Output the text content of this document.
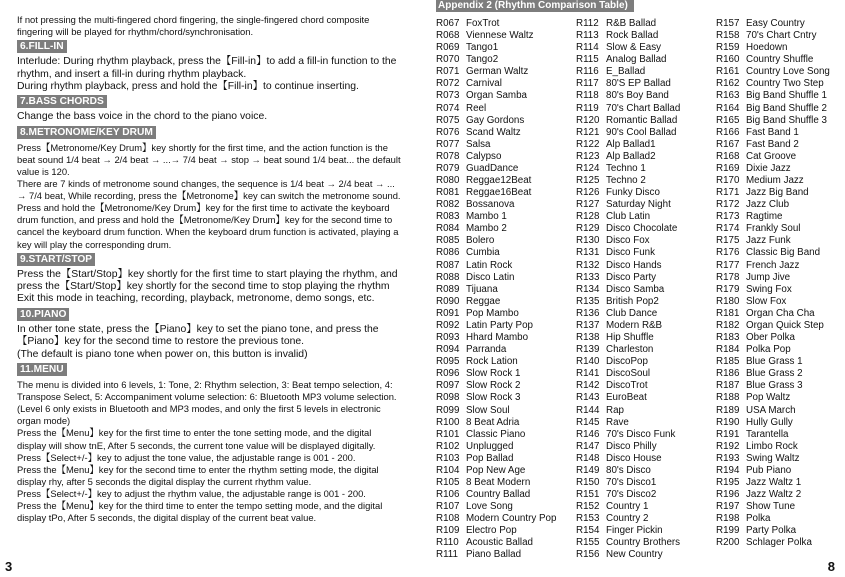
If not pressing the multi-fingered chord fingering, the single-fingered chord composite fingering will be played for rhythm/chord/synchronisation.

6.FILL-IN

Interlude: During rhythm playback, press the【Fill-in】to add a fill-in function to the rhythm, and insert a fill-in during rhythm playback.

During rhythm playback, press and hold the【Fill-in】to continue inserting.

7.BASS CHORDS

Change the bass voice in the chord to the piano voice.

8.METRONOME/KEY DRUM

Press【Metronome/Key Drum】key shortly for the first time, and the action function is the beat sound 1/4 beat → 2/4 beat → ...→ 7/4 beat → stop → beat sound 1/4 beat... the default value is 120.

There are 7 kinds of metronome sound changes, the sequence is 1/4 beat → 2/4 beat → ... → 7/4 beat, While recording, press the【Metronome】key can switch the metronome sound. Press and hold the【Metronome/Key Drum】key for the first time to activate the keyboard drum function, and press and hold the【Metronome/Key Drum】key for the second time to cancel the keyboard drum function. When the keyboard drum function is activated, playing a key will play the corresponding drum.

9.START/STOP

Press the【Start/Stop】key shortly for the first time to start playing the rhythm, and press the【Start/Stop】key shortly for the second time to stop playing the rhythm Exit this mode in teaching, recording, playback, metronome, demo songs, etc.

10.PIANO

In other tone state, press the【Piano】key to set the piano tone, and press the【Piano】key for the second time to restore the previous tone.

(The default is piano tone when power on, this button is invalid)

11.MENU

The menu is divided into 6 levels, 1: Tone, 2: Rhythm selection, 3: Beat tempo selection, 4: Transpose Select, 5: Accompaniment volume selection: 6: Bluetooth MP3 volume selection.

(Level 6 only exists in Bluetooth and MP3 modes, and only the first 5 levels in electronic organ mode)

Press the【Menu】key for the first time to enter the tone setting mode, and the digital display will show tnE, After 5 seconds, the current tone value will be displayed digitally.

Press【Select+/-】key to adjust the tone value, the adjustable range is 001 - 200.

Press the【Menu】key for the second time to enter the rhythm setting mode, the digital display rhy, after 5 seconds the digital display the current rhythm value.

Press【Select+/-】key to adjust the rhythm value, the adjustable range is 001 - 200.

Press the【Menu】key for the third time to enter the tempo setting mode, and the digital display tPo, After 5 seconds, the digital display of the current beat value.

3
Appendix 2 (Rhythm Comparison Table)
R067 FoxTrot
R068 Viennese Waltz
R069 Tango1
R070 Tango2
R071 German Waltz
R072 Carnival
R073 Organ Samba
R074 Reel
R075 Gay Gordons
R076 Scand Waltz
R077 Salsa
R078 Calypso
R079 GuadDance
R080 Reggae12Beat
R081 Reggae16Beat
R082 Bossanova
R083 Mambo 1
R084 Mambo 2
R085 Bolero
R086 Cumbia
R087 Latin Rock
R088 Disco Latin
R089 Tijuana
R090 Reggae
R091 Pop Mambo
R092 Latin Party Pop
R093 Hhard Mambo
R094 Parranda
R095 Rock Lation
R096 Slow Rock 1
R097 Slow Rock 2
R098 Slow Rock 3
R099 Slow Soul
R100 8 Beat Adria
R101 Classic Piano
R102 Unplugged
R103 Pop Ballad
R104 Pop New Age
R105 8 Beat Modern
R106 Country Ballad
R107 Love Song
R108 Modern Country Pop
R109 Electro Pop
R110 Acoustic Ballad
R111 Piano Ballad
R112 R&B Ballad
R113 Rock Ballad
R114 Slow & Easy
R115 Analog Ballad
R116 E_Ballad
R117 80'S EP Ballad
R118 80's Boy Band
R119 70's Chart Ballad
R120 Romantic Ballad
R121 90's Cool Ballad
R122 Alp Ballad1
R123 Alp Ballad2
R124 Techno 1
R125 Techno 2
R126 Funky Disco
R127 Saturday Night
R128 Club Latin
R129 Disco Chocolate
R130 Disco Fox
R131 Disco Funk
R132 Disco Hands
R133 Disco Party
R134 Disco Samba
R135 British Pop2
R136 Club Dance
R137 Modern R&B
R138 Hip Shuffle
R139 Charleston
R140 DiscoPop
R141 DiscoSoul
R142 DiscoTrot
R143 EuroBeat
R144 Rap
R145 Rave
R146 70's Disco Funk
R147 Disco Philly
R148 Disco House
R149 80's Disco
R150 70's Disco1
R151 70's Disco2
R152 Country 1
R153 Country 2
R154 Finger Pickin
R155 Country Brothers
R156 New Country
R157 Easy Country
R158 70's Chart Cntry
R159 Hoedown
R160 Country Shuffle
R161 Country Love Song
R162 Country Two Step
R163 Big Band Shuffle 1
R164 Big Band Shuffle 2
R165 Big Band Shuffle 3
R166 Fast Band 1
R167 Fast Band 2
R168 Cat Groove
R169 Dixie Jazz
R170 Medium Jazz
R171 Jazz Big Band
R172 Jazz Club
R173 Ragtime
R174 Frankly Soul
R175 Jazz Funk
R176 Classic Big Band
R177 French Jazz
R178 Jump Jive
R179 Swing Fox
R180 Slow Fox
R181 Organ Cha Cha
R182 Organ Quick Step
R183 Ober Polka
R184 Polka Pop
R185 Blue Grass 1
R186 Blue Grass 2
R187 Blue Grass 3
R188 Pop Waltz
R189 USA March
R190 Hully Gully
R191 Tarantella
R192 Limbo Rock
R193 Swing Waltz
R194 Pub Piano
R195 Jazz Waltz 1
R196 Jazz Waltz 2
R197 Show Tune
R198 Polka
R199 Party Polka
R200 Schlager Polka
8
